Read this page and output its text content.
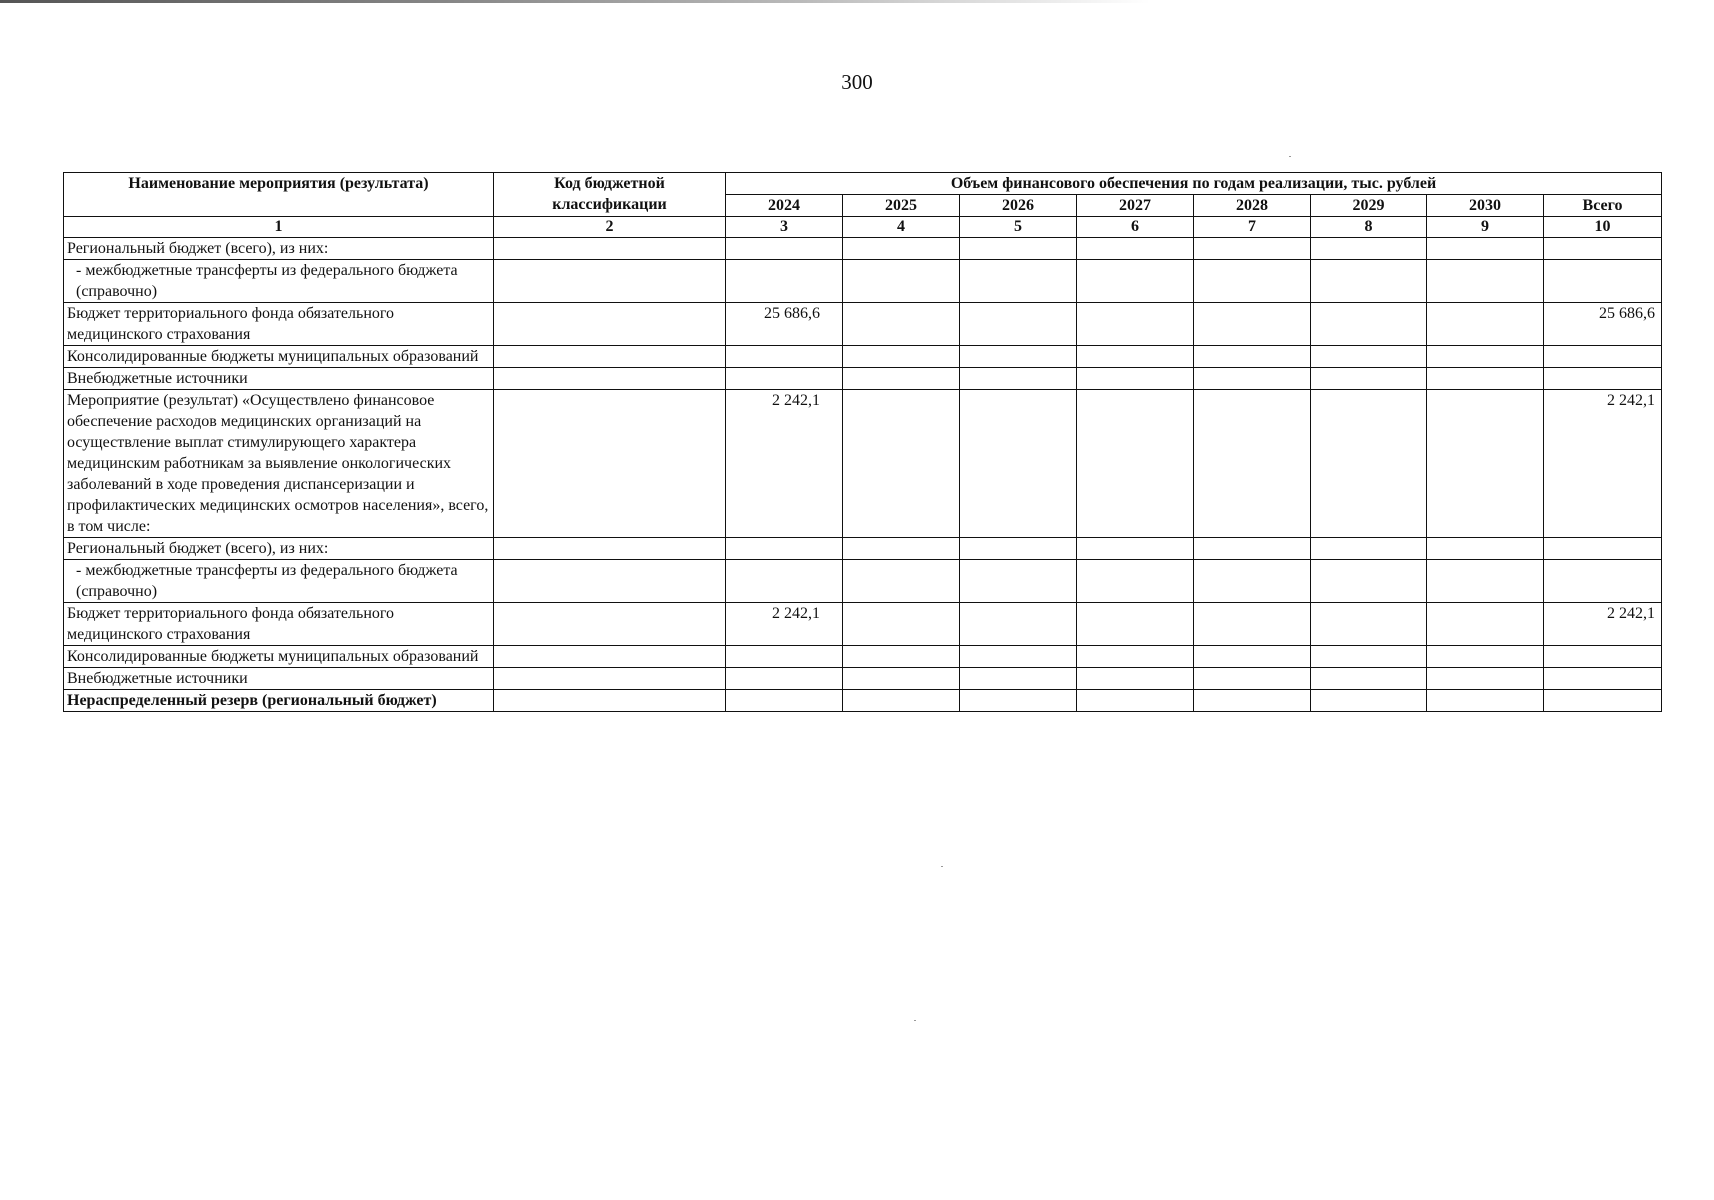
300
Наименование мероприятия (результата)	Код бюджетной классификации	Объем финансового обеспечения по годам реализации, тыс. рублей							
		2024	2025	2026	2027	2028	2029	2030	Всего
1	2	3	4	5	6	7	8	9	10
Региональный бюджет (всего), из них:									
- межбюджетные трансферты из федерального бюджета (справочно)									
Бюджет территориального фонда обязательного медицинского страхования		25 686,6							25 686,6
Консолидированные бюджеты муниципальных образований									
Внебюджетные источники									
Мероприятие (результат) «Осуществлено финансовое обеспечение расходов медицинских организаций на осуществление выплат стимулирующего характера медицинским работникам за выявление онкологических заболеваний в ходе проведения диспансеризации и профилактических медицинских осмотров населения», всего, в том числе:		2 242,1							2 242,1
Региональный бюджет (всего), из них:									
- межбюджетные трансферты из федерального бюджета (справочно)									
Бюджет территориального фонда обязательного медицинского страхования		2 242,1							2 242,1
Консолидированные бюджеты муниципальных образований									
Внебюджетные источники									
Нераспределенный резерв (региональный бюджет)									
